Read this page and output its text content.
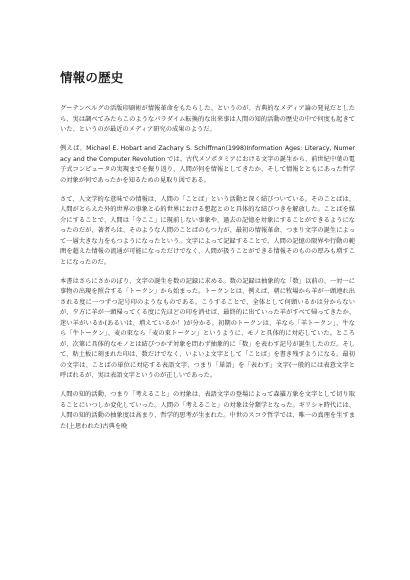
情報の歴史

グーテンベルグの活版印刷術が情報革命をもたらした、というのが、古典的なメディア論の発見だとしたら、実は調べてみたらこのようなパラダイム転換的な出来事は人間の知的活動の歴史の中で何度も起きていた、というのが最近のメディア研究の成果のようだ。

例えば、Michael E. Hobart and Zachary S. Schiffman(1998)Information Ages: Literacy, Numeracy and the Computer Revolution では、古代メソポタミアにおける文字の誕生から、前世紀中葉の電子式コンピュータの実現までを振り返り、人間が何を情報としてきたか、そして情報とともにあった哲学の対象が何であったかを知るための見取り図である。

さて、人文学的な意味での情報は、人間の「ことば」という活動と深く結びついている。そのことばは、人間がとらえた外的世界の事象と心的世界における想起とのと具体的な結びつきを解放した。ことばを媒介にすることで、人間は「今ここ」に現前しない事象や、過去の記憶を対象にすることができるようになったのだが、著者らは、そのような人間のことばのもつ力が、最初の情報革命、つまり文字の誕生によって一層大きな力をもつようになったという。文字によって記録することで、人間の記憶の限界や行動の範囲を超えた情報の流通が可能になっただけでなく、人間が扱うことができる情報そのものの厚みも増すことになったのだ。

本書はさらにさかのぼり、文字の誕生を数の記録に求める。数の記録は抽象的な「数」以前の、一対一に事物の出現を照合する「トークン」から始まった。トークンとは、例えば、朝に牧場から羊が一頭連れ出される度に一つずつ記号印のようなものである。こうすることで、全体として何頭いるかは分からないが、夕方に羊が一頭帰ってくる度に先ほどの印を消せば、最終的に出ていった羊がすべて帰ってきたか、迷い羊がいるか(あるいは、増えているか！)が分かる。初期のトークンは、羊なら「羊トークン」、牛なら「牛トークン」、麦の束なら「麦の束トークン」というように、モノと具体的に対応していた。ところが、次第に具体的なモノとは結びつかず対象を問わず抽象的に「数」を表わす記号が誕生したのだ。そして、粘土板に刻まれた印は、数だけでなく、いよいよ文字として「ことば」を書き残すようになる。最初の文字は、ことばの単位に対応する表語文字、つまり「単語」を「表わす」文字(一般的には表意文字と呼ばれるが、実は表語文字というのが正しいであった。

人間の知的活動、つまり「考えること」の対象は、表語文字の登場によって森羅万象を文字として切り取ることにいつしか変化していった。人間の「考えること」の対象は分類学となった。ギリシャ時代には、人間の知的活動の抽象度は高まり、哲学的思考が生まれた。中世のスコラ哲学では、唯一の真理を生すまた(上思われた)古典を晩
